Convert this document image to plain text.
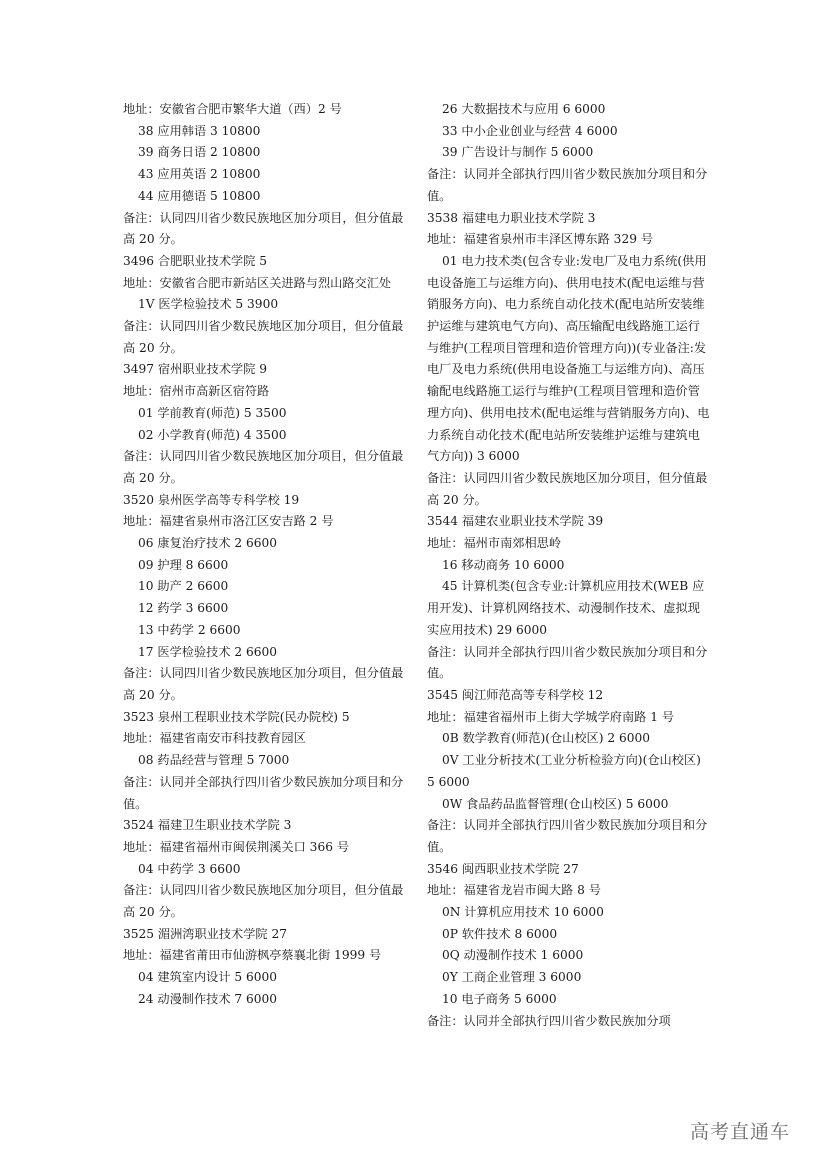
地址：安徽省合肥市繁华大道（西）2 号
38 应用韩语 3 10800
39 商务日语 2 10800
43 应用英语 2 10800
44 应用德语 5 10800
备注：认同四川省少数民族地区加分项目，但分值最高 20 分。
3496 合肥职业技术学院 5
地址：安徽省合肥市新站区关进路与烈山路交汇处
1V 医学检验技术 5 3900
备注：认同四川省少数民族地区加分项目，但分值最高 20 分。
3497 宿州职业技术学院 9
地址：宿州市高新区宿符路
01 学前教育(师范) 5 3500
02 小学教育(师范) 4 3500
备注：认同四川省少数民族地区加分项目，但分值最高 20 分。
3520 泉州医学高等专科学校 19
地址：福建省泉州市洛江区安吉路 2 号
06 康复治疗技术 2 6600
09 护理 8 6600
10 助产 2 6600
12 药学 3 6600
13 中药学 2 6600
17 医学检验技术 2 6600
备注：认同四川省少数民族地区加分项目，但分值最高 20 分。
3523 泉州工程职业技术学院(民办院校) 5
地址：福建省南安市科技教育园区
08 药品经营与管理 5 7000
备注：认同并全部执行四川省少数民族加分项目和分值。
3524 福建卫生职业技术学院 3
地址：福建省福州市闽侯荆溪关口 366 号
04 中药学 3 6600
备注：认同四川省少数民族地区加分项目，但分值最高 20 分。
3525 湄洲湾职业技术学院 27
地址：福建省莆田市仙游枫亭蔡襄北街 1999 号
04 建筑室内设计 5 6000
24 动漫制作技术 7 6000
26 大数据技术与应用 6 6000
33 中小企业创业与经营 4 6000
39 广告设计与制作 5 6000
备注：认同并全部执行四川省少数民族加分项目和分值。
3538 福建电力职业技术学院 3
地址：福建省泉州市丰泽区博东路 329 号
01 电力技术类(包含专业:发电厂及电力系统(供用电设备施工与运维方向)、供用电技术(配电运维与营销服务方向)、电力系统自动化技术(配电站所安装维护运维与建筑电气方向)、高压输配电线路施工运行与维护(工程项目管理和造价管理方向))(专业备注:发电厂及电力系统(供用电设备施工与运维方向)、高压输配电线路施工运行与维护(工程项目管理和造价管理方向)、供用电技术(配电运维与营销服务方向)、电力系统自动化技术(配电站所安装维护运维与建筑电气方向)) 3 6000
备注：认同四川省少数民族地区加分项目，但分值最高 20 分。
3544 福建农业职业技术学院 39
地址：福州市南郊相思岭
16 移动商务 10 6000
45 计算机类(包含专业:计算机应用技术(WEB 应用开发)、计算机网络技术、动漫制作技术、虚拟现实应用技术) 29 6000
备注：认同并全部执行四川省少数民族加分项目和分值。
3545 闽江师范高等专科学校 12
地址：福建省福州市上街大学城学府南路 1 号
0B 数学教育(师范)(仓山校区) 2 6000
0V 工业分析技术(工业分析检验方向)(仓山校区) 5 6000
0W 食品药品监督管理(仓山校区) 5 6000
备注：认同并全部执行四川省少数民族加分项目和分值。
3546 闽西职业技术学院 27
地址：福建省龙岩市闽大路 8 号
0N 计算机应用技术 10 6000
0P 软件技术 8 6000
0Q 动漫制作技术 1 6000
0Y 工商企业管理 3 6000
10 电子商务 5 6000
备注：认同并全部执行四川省少数民族加分项
高考直通车
